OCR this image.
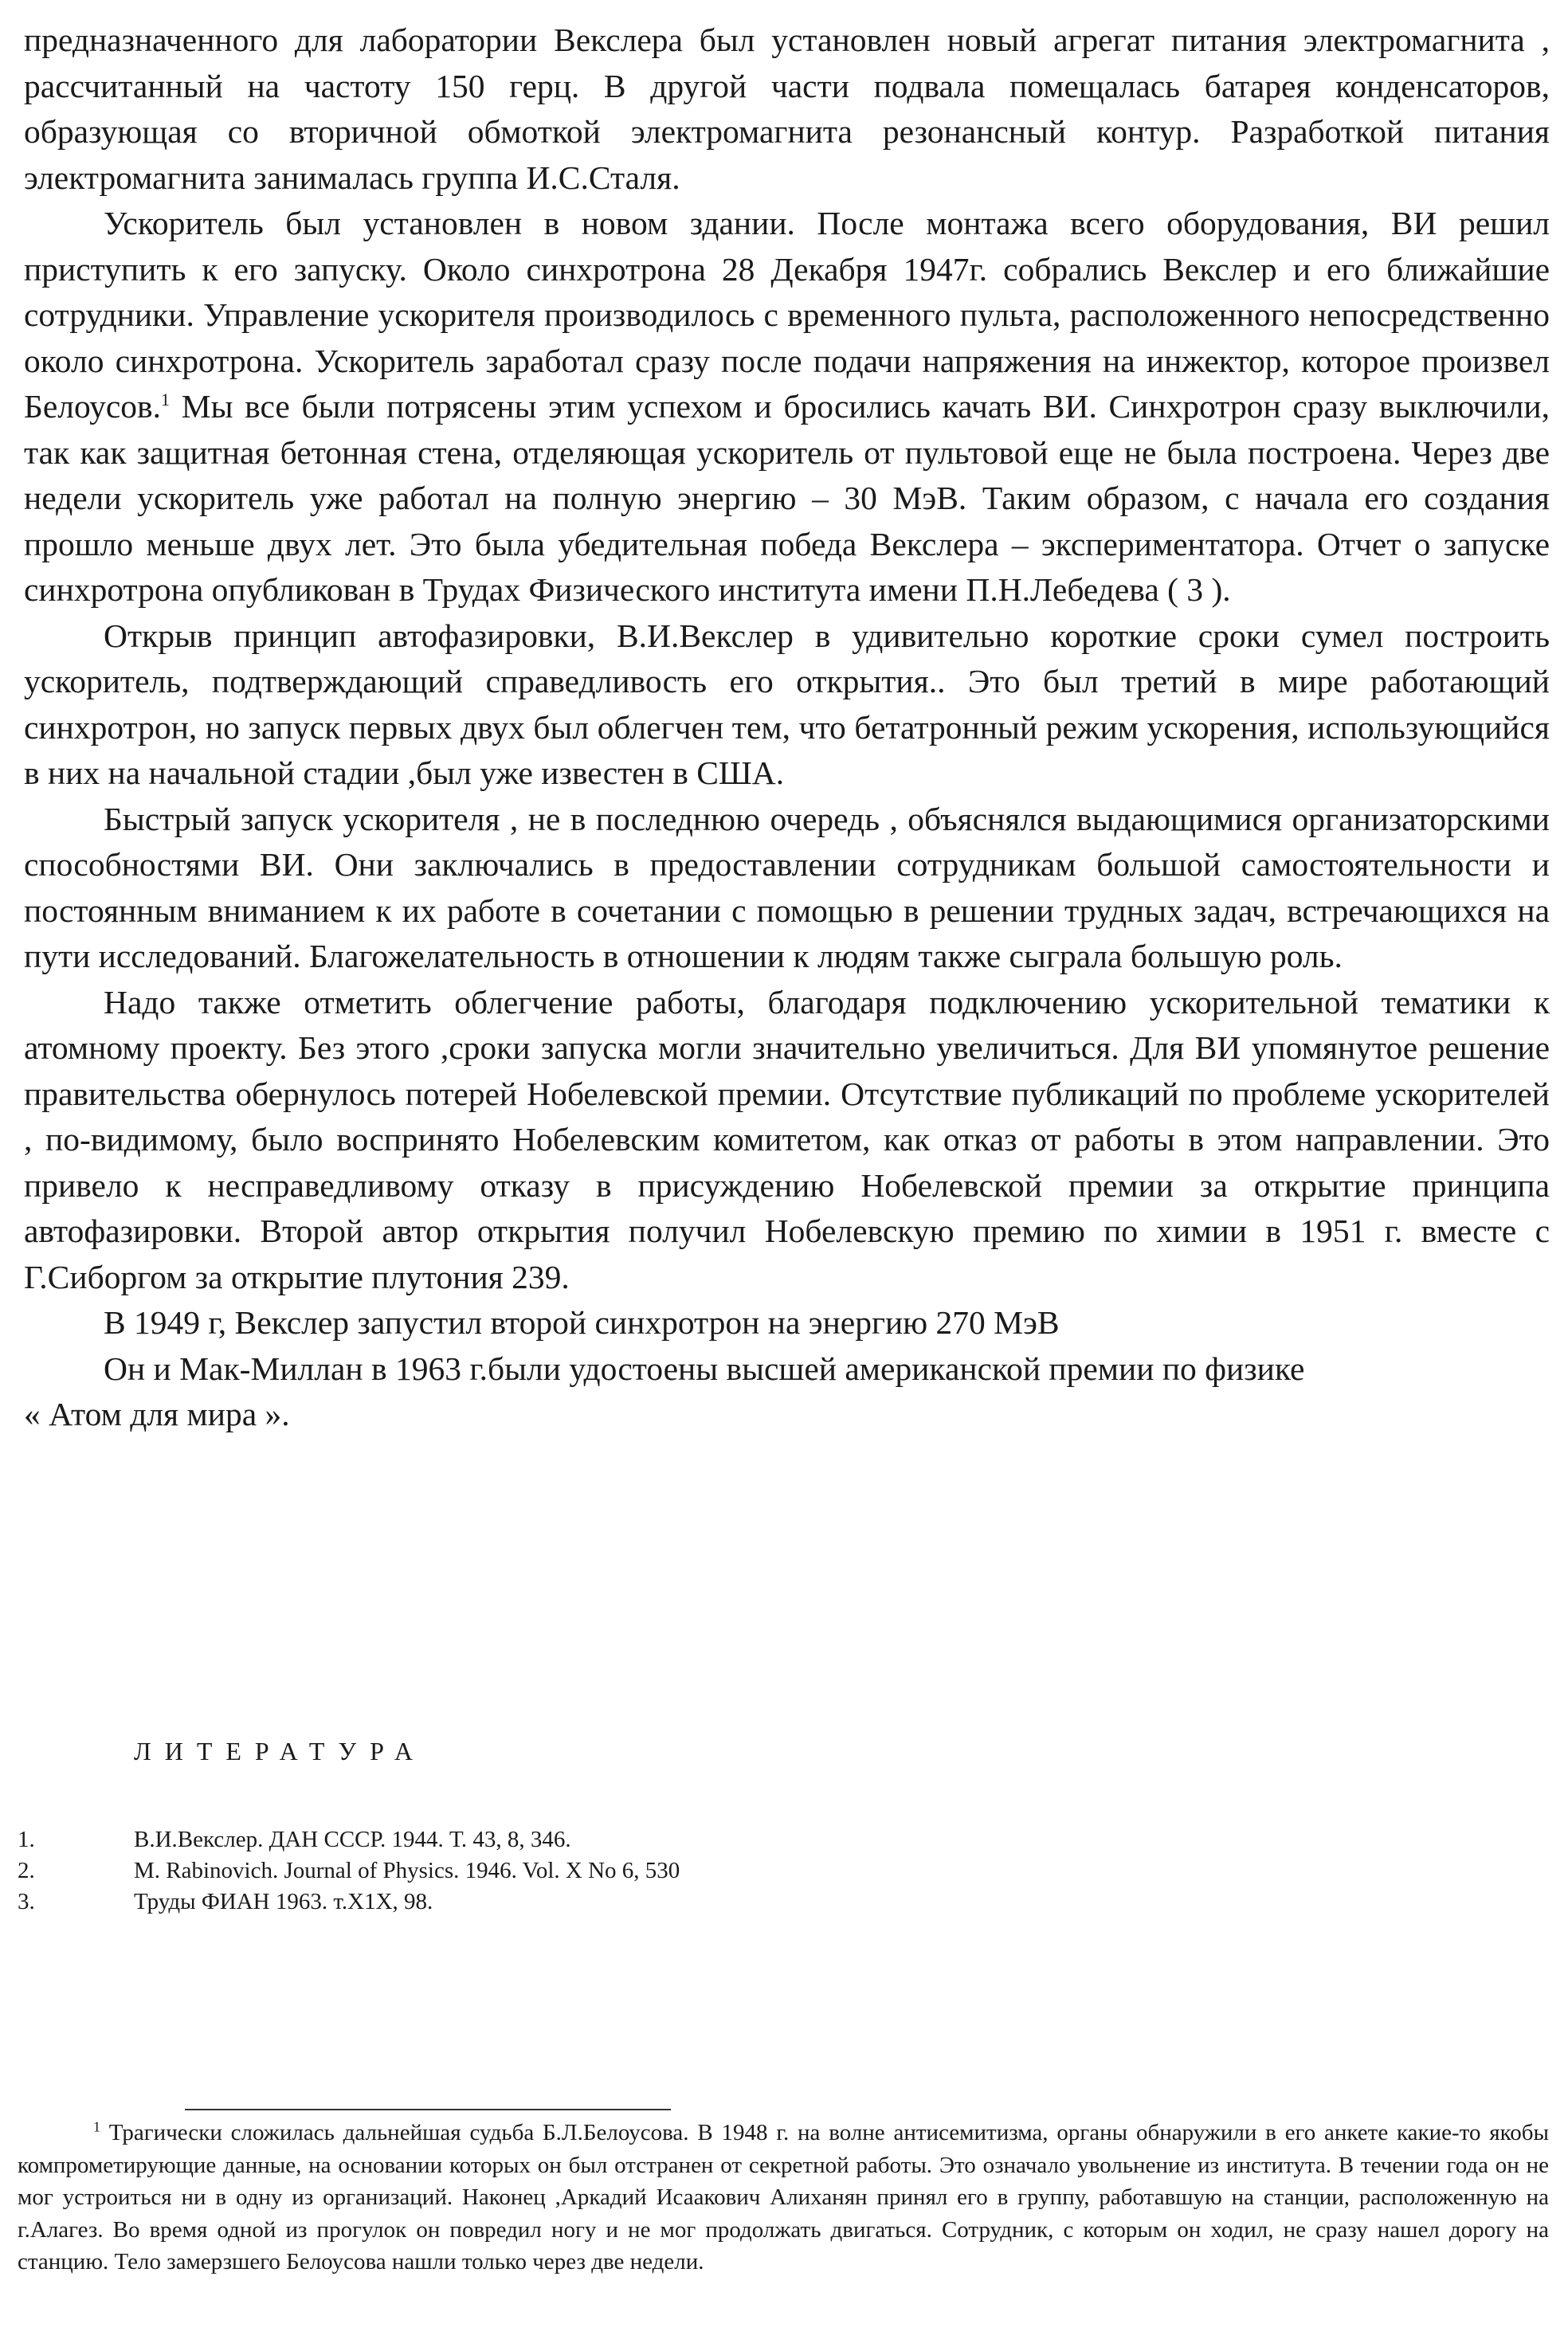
предназначенного для лаборатории Векслера был установлен новый агрегат питания электромагнита , рассчитанный на частоту 150 герц. В другой части подвала помещалась батарея конденсаторов, образующая со вторичной обмоткой электромагнита резонансный контур. Разработкой питания электромагнита занималась группа И.С.Сталя.

Ускоритель был установлен в новом здании. После монтажа всего оборудования, ВИ решил приступить к его запуску. Около синхротрона 28 Декабря 1947г. собрались Векслер и его ближайшие сотрудники. Управление ускорителя производилось с временного пульта, расположенного непосредственно около синхротрона. Ускоритель заработал сразу после подачи напряжения на инжектор, которое произвел Белоусов.$^1$ Мы все были потрясены этим успехом и бросились качать ВИ. Синхротрон сразу выключили, так как защитная бетонная стена, отделяющая ускоритель от пультовой еще не была построена. Через две недели ускоритель уже работал на полную энергию – 30 МэВ. Таким образом, с начала его создания прошло меньше двух лет. Это была убедительная победа Векслера – экспериментатора. Отчет о запуске синхротрона опубликован в Трудах Физического института имени П.Н.Лебедева ( 3 ).

Открыв принцип автофазировки, В.И.Векслер в удивительно короткие сроки сумел построить ускоритель, подтверждающий справедливость его открытия.. Это был третий в мире работающий синхротрон, но запуск первых двух был облегчен тем, что бетатронный режим ускорения, использующийся в них на начальной стадии ,был уже известен в США.

Быстрый запуск ускорителя , не в последнюю очередь , объяснялся выдающимися организаторскими способностями ВИ. Они заключались в предоставлении сотрудникам большой самостоятельности и постоянным вниманием к их работе в сочетании с помощью в решении трудных задач, встречающихся на пути исследований. Благожелательность в отношении к людям также сыграла большую роль.

Надо также отметить облегчение работы, благодаря подключению ускорительной тематики к атомному проекту. Без этого ,сроки запуска могли значительно увеличиться. Для ВИ упомянутое решение правительства обернулось потерей Нобелевской премии. Отсутствие публикаций по проблеме ускорителей , по-видимому, было воспринято Нобелевским комитетом, как отказ от работы в этом направлении. Это привело к несправедливому отказу в присуждению Нобелевской премии за открытие принципа автофазировки. Второй автор открытия получил Нобелевскую премию по химии в 1951 г. вместе с Г.Сиборгом за открытие плутония 239.

В 1949 г, Векслер запустил второй синхротрон на энергию 270 МэВ

Он и Мак-Миллан в 1963 г.были удостоены высшей американской премии по физике

« Атом для мира ».

ЛИТЕРАТУРА
1.	В.И.Векслер. ДАН СССР. 1944. Т. 43, 8, 346.
2.	M. Rabinovich. Journal of Physics. 1946. Vol. X No 6, 530
3.	Труды ФИАН 1963. т.X1X, 98.

$^1$ Трагически сложилась дальнейшая судьба Б.Л.Белоусова. В 1948 г. на волне антисемитизма, органы обнаружили в его анкете какие-то якобы компрометирующие данные, на основании которых он был отстранен от секретной работы. Это означало увольнение из института. В течении года он не мог устроиться ни в одну из организаций. Наконец ,Аркадий Исаакович Алиханян принял его в группу, работавшую на станции, расположенную на г.Алагез. Во время одной из прогулок он повредил ногу и не мог продолжать двигаться. Сотрудник, с которым он ходил, не сразу нашел дорогу на станцию. Тело замерзшего Белоусова нашли только через две недели.
